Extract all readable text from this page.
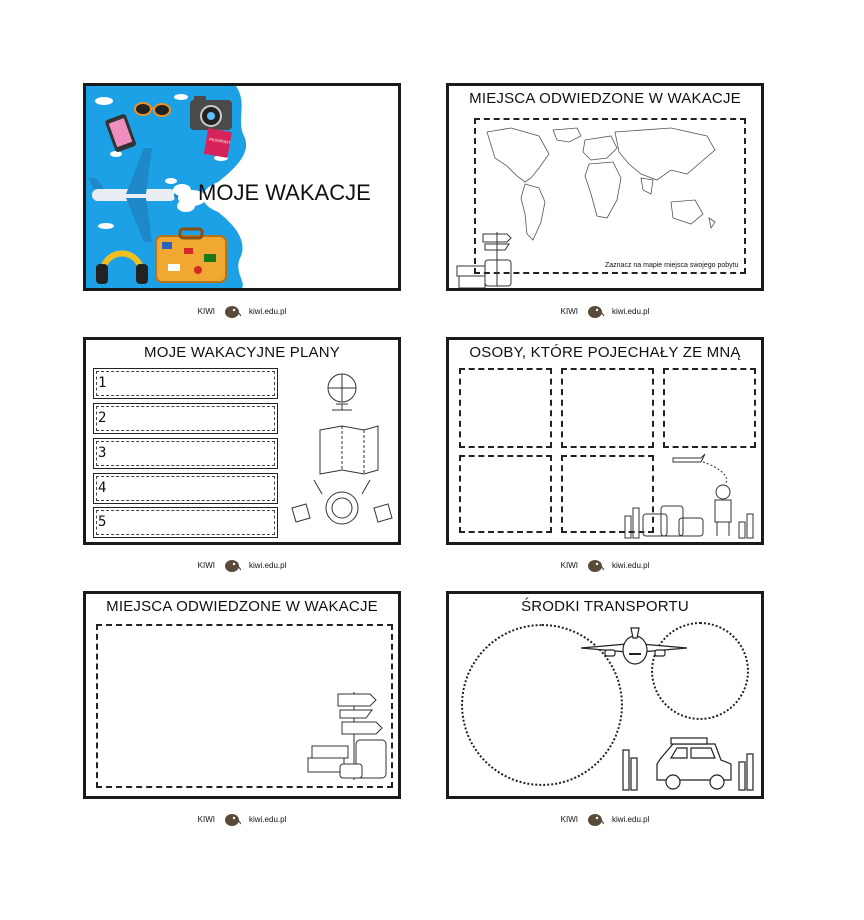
PASSPORT
MOJE WAKACJE
KIWI	kiwi.edu.pl
MIEJSCA ODWIEDZONE W WAKACJE
Zaznacz na mapie miejsca swojego pobytu
KIWI	kiwi.edu.pl
MOJE WAKACYJNE PLANY
1
2
3
4
5
KIWI	kiwi.edu.pl
OSOBY, KTÓRE POJECHAŁY ZE MNĄ
KIWI	kiwi.edu.pl
MIEJSCA ODWIEDZONE W WAKACJE
KIWI	kiwi.edu.pl
ŚRODKI TRANSPORTU
KIWI	kiwi.edu.pl
